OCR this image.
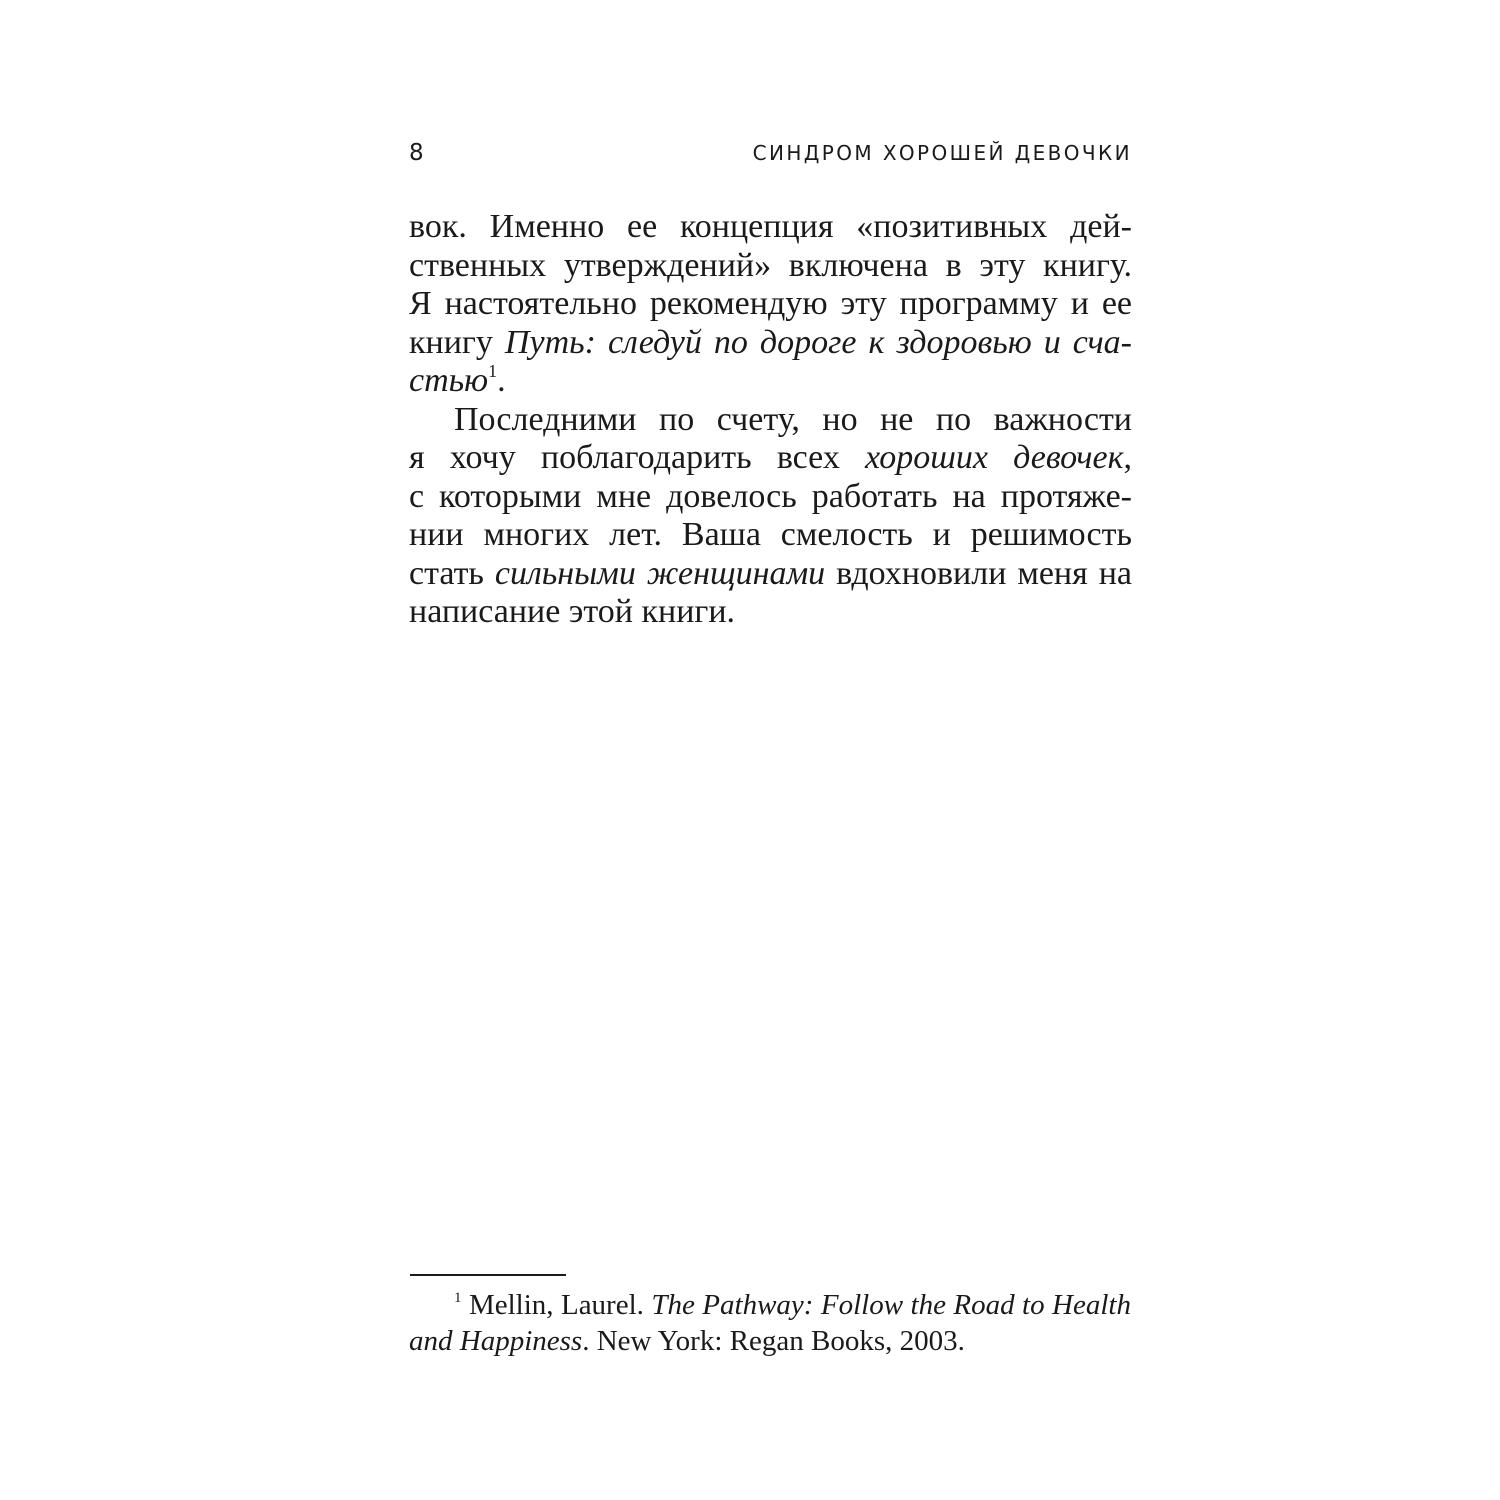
8	СИНДРОМ ХОРОШЕЙ ДЕВОЧКИ
вок. Именно ее концепция «позитивных дей-
ственных утверждений» включена в эту книгу.
Я настоятельно рекомендую эту программу и ее
книгу Путь: следуй по дороге к здоровью и сча-
стью$^1$.
Последними по счету, но не по важности
я хочу поблагодарить всех хороших девочек,
с которыми мне довелось работать на протяже-
нии многих лет. Ваша смелость и решимость
стать сильными женщинами вдохновили меня на
написание этой книги.
$^1$ Mellin, Laurel. The Pathway: Follow the Road to Health
and Happiness. New York: Regan Books, 2003.
